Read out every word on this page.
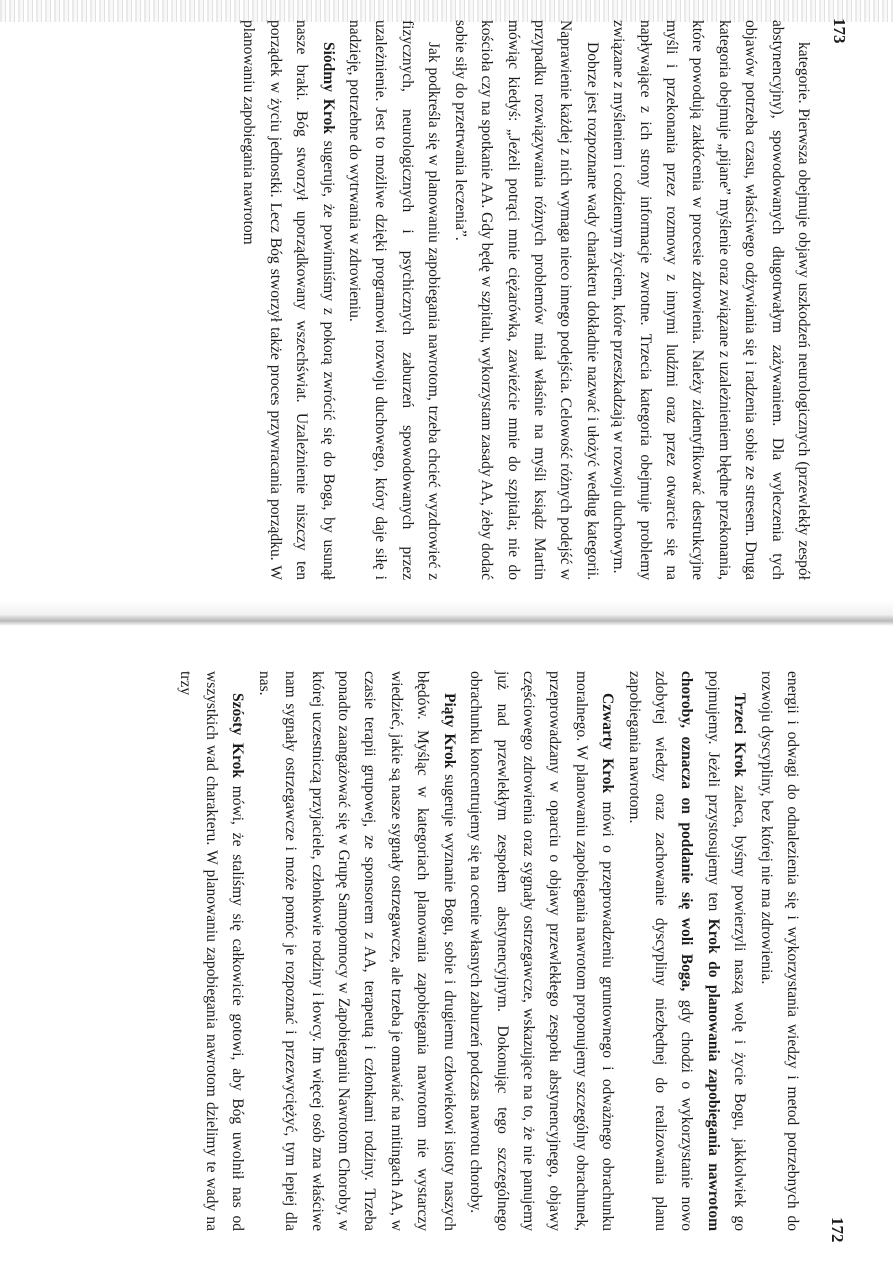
kategorie. Pierwsza obejmuje objawy uszkodzeń neurologicznych (przewlekły zespół abstynencyjny), spowodowanych długotrwałym zażywaniem. Dla wyleczenia tych objawów potrzeba czasu, właściwego odżywiania się i radzenia sobie ze stresem. Druga kategoria obejmuje „pijane” myślenie oraz związane z uzależnieniem błędne przekonania, które powodują zakłócenia w procesie zdrowienia. Należy zidentyfikować destrukcyjne myśli i przekonania przez rozmowy z innymi ludźmi oraz przez otwarcie się na napływające z ich strony informacje zwrotne. Trzecia kategoria obejmuje problemy związane z myśleniem i codziennym życiem, które przeszkadzają w rozwoju duchowym.

Dobrze jest rozpoznane wady charakteru dokładnie nazwać i ułożyć według kategorii. Naprawienie każdej z nich wymaga nieco innego podejścia. Celowość różnych podejść w przypadku rozwiązywania różnych problemów miał właśnie na myśli ksiądz Martin mówiąc kiedyś: „Jeżeli potrąci mnie ciężarówka, zawieźcie mnie do szpitala; nie do kościoła czy na spotkanie AA. Gdy będę w szpitalu, wykorzystam zasady AA, żeby dodać sobie siły do przetrwania leczenia”.

Jak podkreśla się w planowaniu zapobiegania nawrotom, trzeba chcieć wyzdrowieć z fizycznych, neurologicznych i psychicznych zaburzeń spowodowanych przez uzależnienie. Jest to możliwe dzięki programowi rozwoju duchowego, który daje siłę i nadzieję, potrzebne do wytrwania w zdrowieniu.

Siódmy Krok sugeruje, że powinniśmy z pokorą zwrócić się do Boga, by usunął nasze braki. Bóg stworzył uporządkowany wszechświat. Uzależnienie niszczy ten porządek w życiu jednostki. Lecz Bóg stworzył także proces przywracania porządku. W planowaniu zapobiegania nawrotom	173

energii i odwagi do odnalezienia się i wykorzystania wiedzy i metod potrzebnych do rozwoju dyscypliny, bez której nie ma zdrowienia.

Trzeci Krok zaleca, byśmy powierzyli naszą wolę i życie Bogu, jakkolwiek go pojmujemy. Jeżeli przystosujemy ten Krok do planowania zapobiegania nawrotom choroby, oznacza on poddanie się woli Boga, gdy chodzi o wykorzystanie nowo zdobytej wiedzy oraz zachowanie dyscypliny niezbędnej do realizowania planu zapobiegania nawrotom.

Czwarty Krok mówi o przeprowadzeniu gruntownego i odważnego obrachunku moralnego. W planowaniu zapobiegania nawrotom proponujemy szczególny obrachunek, przeprowadzany w oparciu o objawy przewlekłego zespołu abstynencyjnego, objawy częściowego zdrowienia oraz sygnały ostrzegawcze, wskazujące na to, że nie panujemy już nad przewlekłym zespołem abstynencyjnym. Dokonując tego szczególnego obrachunku koncentrujemy się na ocenie własnych zaburzeń podczas nawrotu choroby.

Piąty Krok sugeruje wyznanie Bogu, sobie i drugiemu człowiekowi istoty naszych błędów. Myśląc w kategoriach planowania zapobiegania nawrotom nie wystarczy wiedzieć, jakie są nasze sygnały ostrzegawcze, ale trzeba je omawiać na mitingach AA, w czasie terapii grupowej, ze sponsorem z AA, terapeutą i członkami rodziny. Trzeba ponadto zaangażować się w Grupę Samopomocy w Zapobieganiu Nawrotom Choroby, w której uczestniczą przyjaciele, członkowie rodziny i łowcy. Im więcej osób zna właściwe nam sygnały ostrzegawcze i może pomóc je rozpoznać i przezwyciężyć, tym lepiej dla nas.

Szósty Krok mówi, że staliśmy się całkowicie gotowi, aby Bóg uwolnił nas od wszystkich wad charakteru. W planowaniu zapobiegania nawrotom dzielimy te wady na trzy

172
